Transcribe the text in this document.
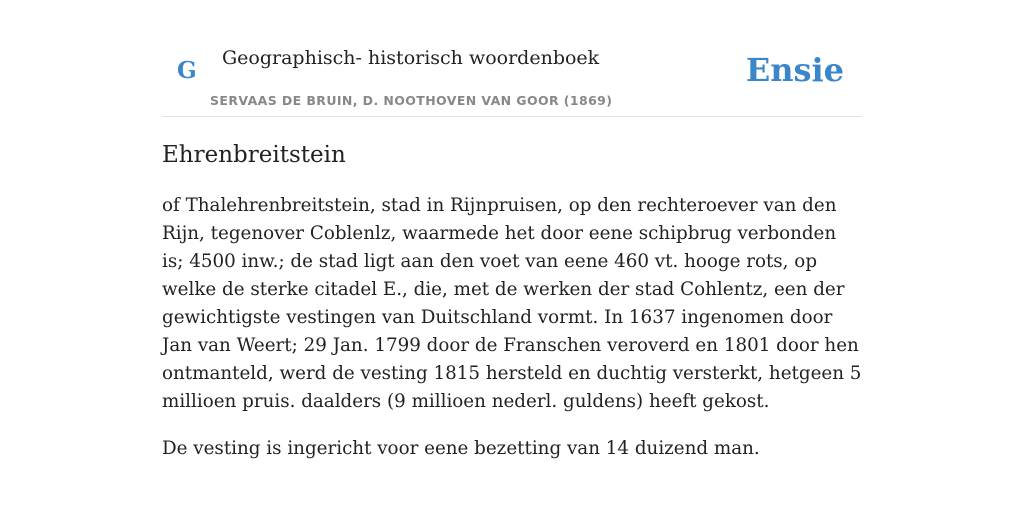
G Geographisch- historisch woordenboek
SERVAAS DE BRUIN, D. NOOTHOVEN VAN GOOR (1869)
Ensie
Ehrenbreitstein

of Thalehrenbreitstein, stad in Rijnpruisen, op den rechteroever van den Rijn, tegenover Coblenlz, waarmede het door eene schipbrug verbonden is; 4500 inw.; de stad ligt aan den voet van eene 460 vt. hooge rots, op welke de sterke citadel E., die, met de werken der stad Cohlentz, een der gewichtigste vestingen van Duitschland vormt. In 1637 ingenomen door Jan van Weert; 29 Jan. 1799 door de Franschen veroverd en 1801 door hen ontmanteld, werd de vesting 1815 hersteld en duchtig versterkt, hetgeen 5 millioen pruis. daalders (9 millioen nederl. guldens) heeft gekost.

De vesting is ingericht voor eene bezetting van 14 duizend man.
